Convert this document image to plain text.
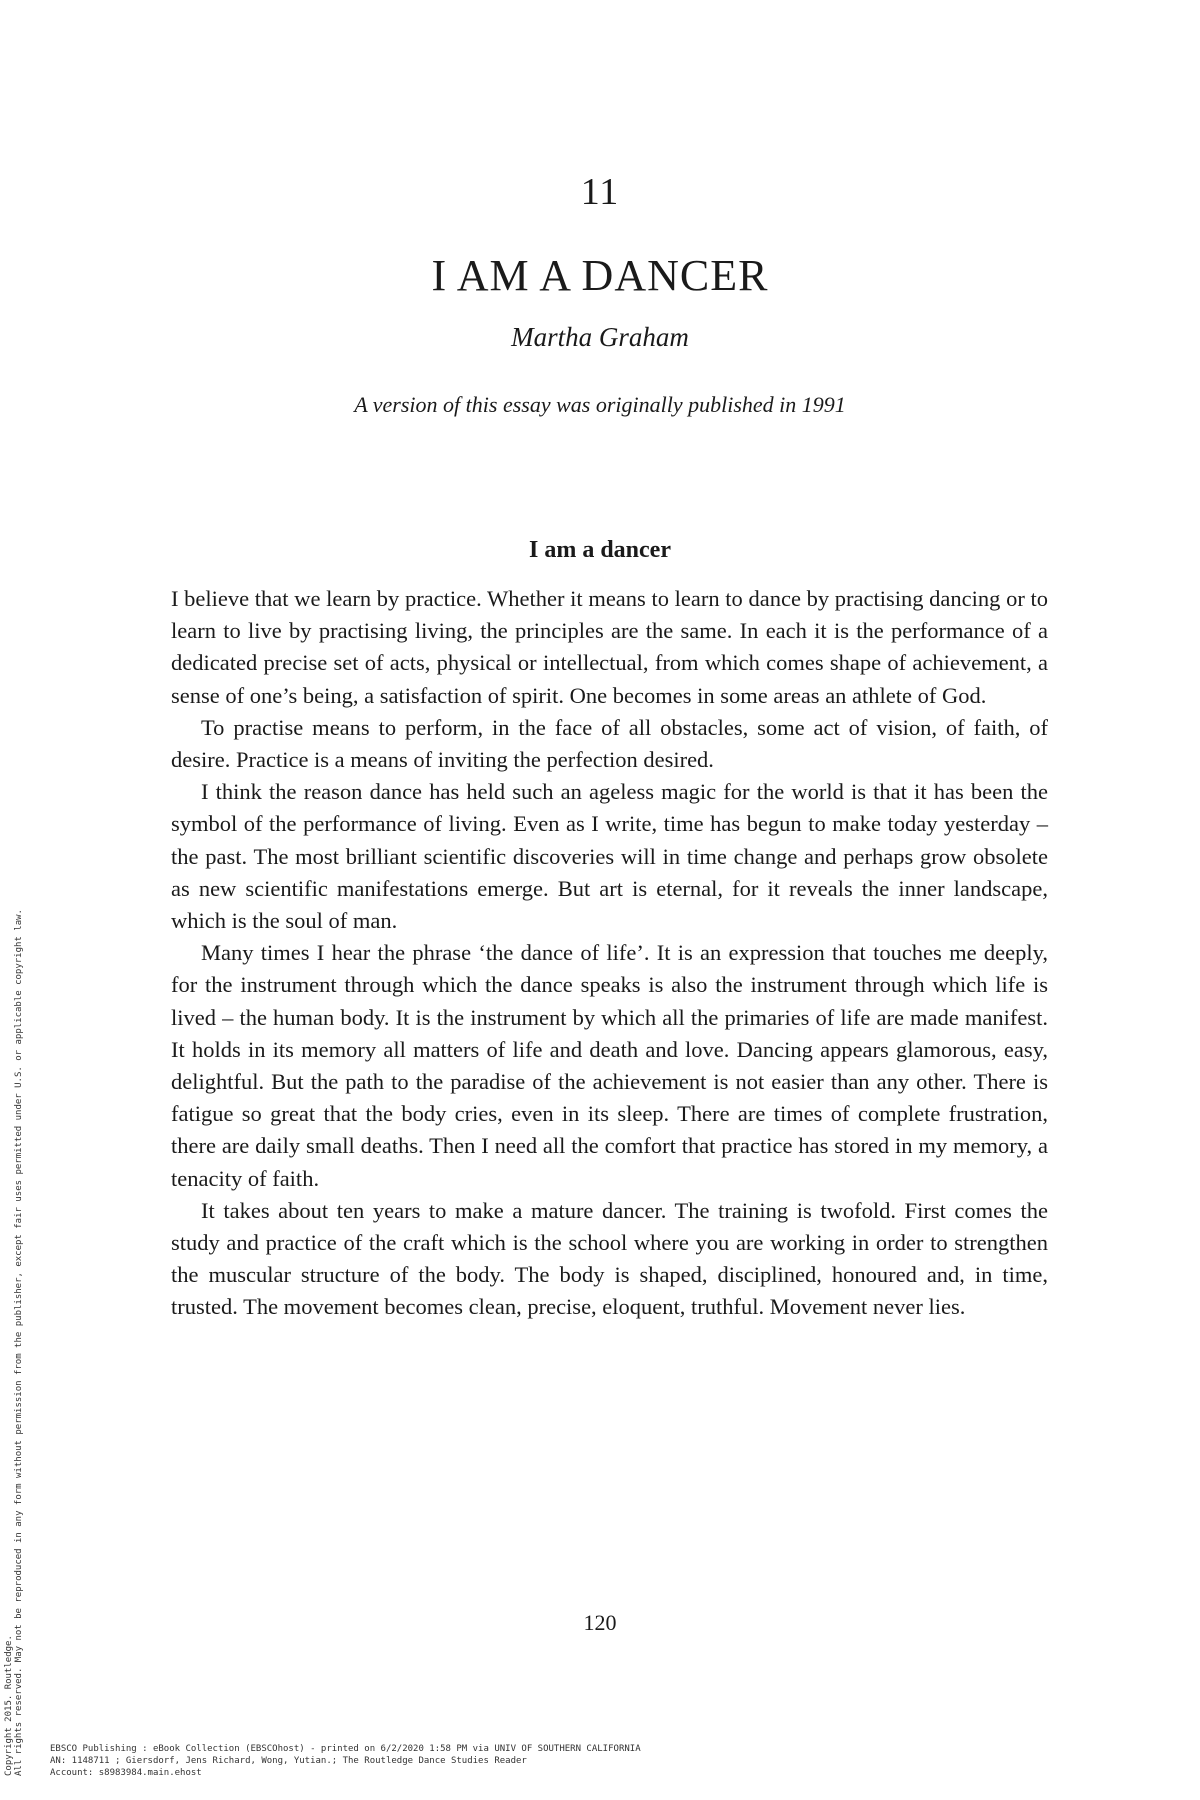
11
I AM A DANCER
Martha Graham
A version of this essay was originally published in 1991
I am a dancer

I believe that we learn by practice. Whether it means to learn to dance by practising dancing or to learn to live by practising living, the principles are the same. In each it is the performance of a dedicated precise set of acts, physical or intellectual, from which comes shape of achievement, a sense of one’s being, a satisfaction of spirit. One becomes in some areas an athlete of God.

To practise means to perform, in the face of all obstacles, some act of vision, of faith, of desire. Practice is a means of inviting the perfection desired.

I think the reason dance has held such an ageless magic for the world is that it has been the symbol of the performance of living. Even as I write, time has begun to make today yesterday – the past. The most brilliant scientific discoveries will in time change and perhaps grow obsolete as new scientific manifestations emerge. But art is eternal, for it reveals the inner landscape, which is the soul of man.

Many times I hear the phrase ‘the dance of life’. It is an expression that touches me deeply, for the instrument through which the dance speaks is also the instrument through which life is lived – the human body. It is the instrument by which all the primaries of life are made manifest. It holds in its memory all matters of life and death and love. Dancing appears glamorous, easy, delightful. But the path to the paradise of the achievement is not easier than any other. There is fatigue so great that the body cries, even in its sleep. There are times of complete frustration, there are daily small deaths. Then I need all the comfort that practice has stored in my memory, a tenacity of faith.

It takes about ten years to make a mature dancer. The training is twofold. First comes the study and practice of the craft which is the school where you are working in order to strengthen the muscular structure of the body. The body is shaped, disciplined, honoured and, in time, trusted. The movement becomes clean, precise, eloquent, truthful. Movement never lies.

120
Copyright 2015. Routledge. All rights reserved. May not be reproduced in any form without permission from the publisher, except fair uses permitted under U.S. or applicable copyright law.	EBSCO Publishing : eBook Collection (EBSCOhost) - printed on 6/2/2020 1:58 PM via UNIV OF SOUTHERN CALIFORNIA
AN: 1148711 ; Giersdorf, Jens Richard, Wong, Yutian.; The Routledge Dance Studies Reader
Account: s8983984.main.ehost
